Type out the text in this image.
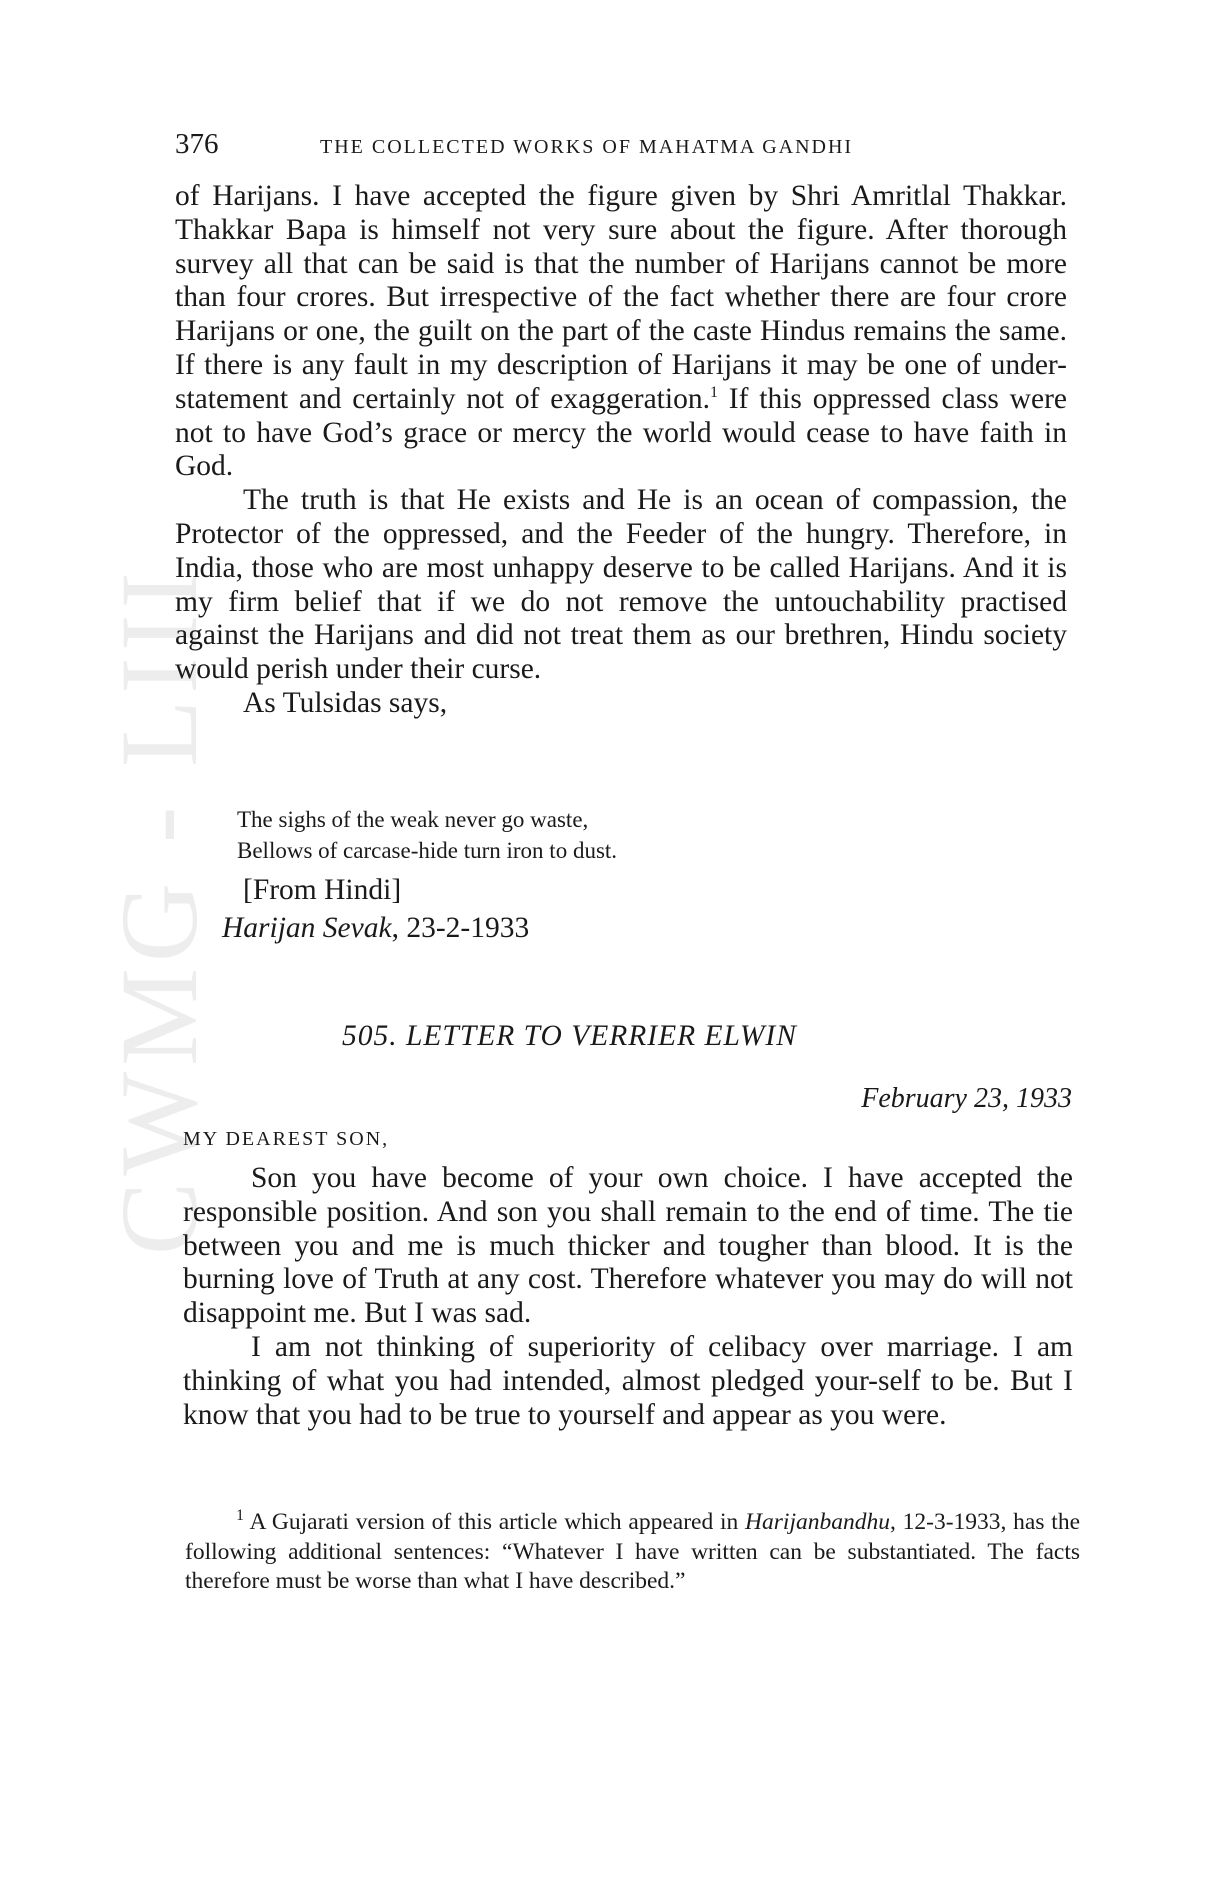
CWMG - LIII
376	THE COLLECTED WORKS OF MAHATMA GANDHI

of Harijans. I have accepted the figure given by Shri Amritlal Thakkar. Thakkar Bapa is himself not very sure about the figure. After thorough survey all that can be said is that the number of Harijans cannot be more than four crores. But irrespective of the fact whether there are four crore Harijans or one, the guilt on the part of the caste Hindus remains the same. If there is any fault in my description of Harijans it may be one of under-statement and certainly not of exaggeration.$^1$ If this oppressed class were not to have God’s grace or mercy the world would cease to have faith in God.

The truth is that He exists and He is an ocean of compassion, the Protector of the oppressed, and the Feeder of the hungry. Therefore, in India, those who are most unhappy deserve to be called Harijans. And it is my firm belief that if we do not remove the untouchability practised against the Harijans and did not treat them as our brethren, Hindu society would perish under their curse.

As Tulsidas says,

The sighs of the weak never go waste,
Bellows of carcase-hide turn iron to dust.
[From Hindi]
Harijan Sevak, 23-2-1933
505. LETTER TO VERRIER ELWIN
February 23, 1933
MY DEAREST SON,

Son you have become of your own choice. I have accepted the responsible position. And son you shall remain to the end of time. The tie between you and me is much thicker and tougher than blood. It is the burning love of Truth at any cost. Therefore whatever you may do will not disappoint me. But I was sad.

I am not thinking of superiority of celibacy over marriage. I am thinking of what you had intended, almost pledged your-self to be. But I know that you had to be true to yourself and appear as you were.

$^1$ A Gujarati version of this article which appeared in Harijanbandhu, 12-3-1933, has the following additional sentences: “Whatever I have written can be substantiated. The facts therefore must be worse than what I have described.”
